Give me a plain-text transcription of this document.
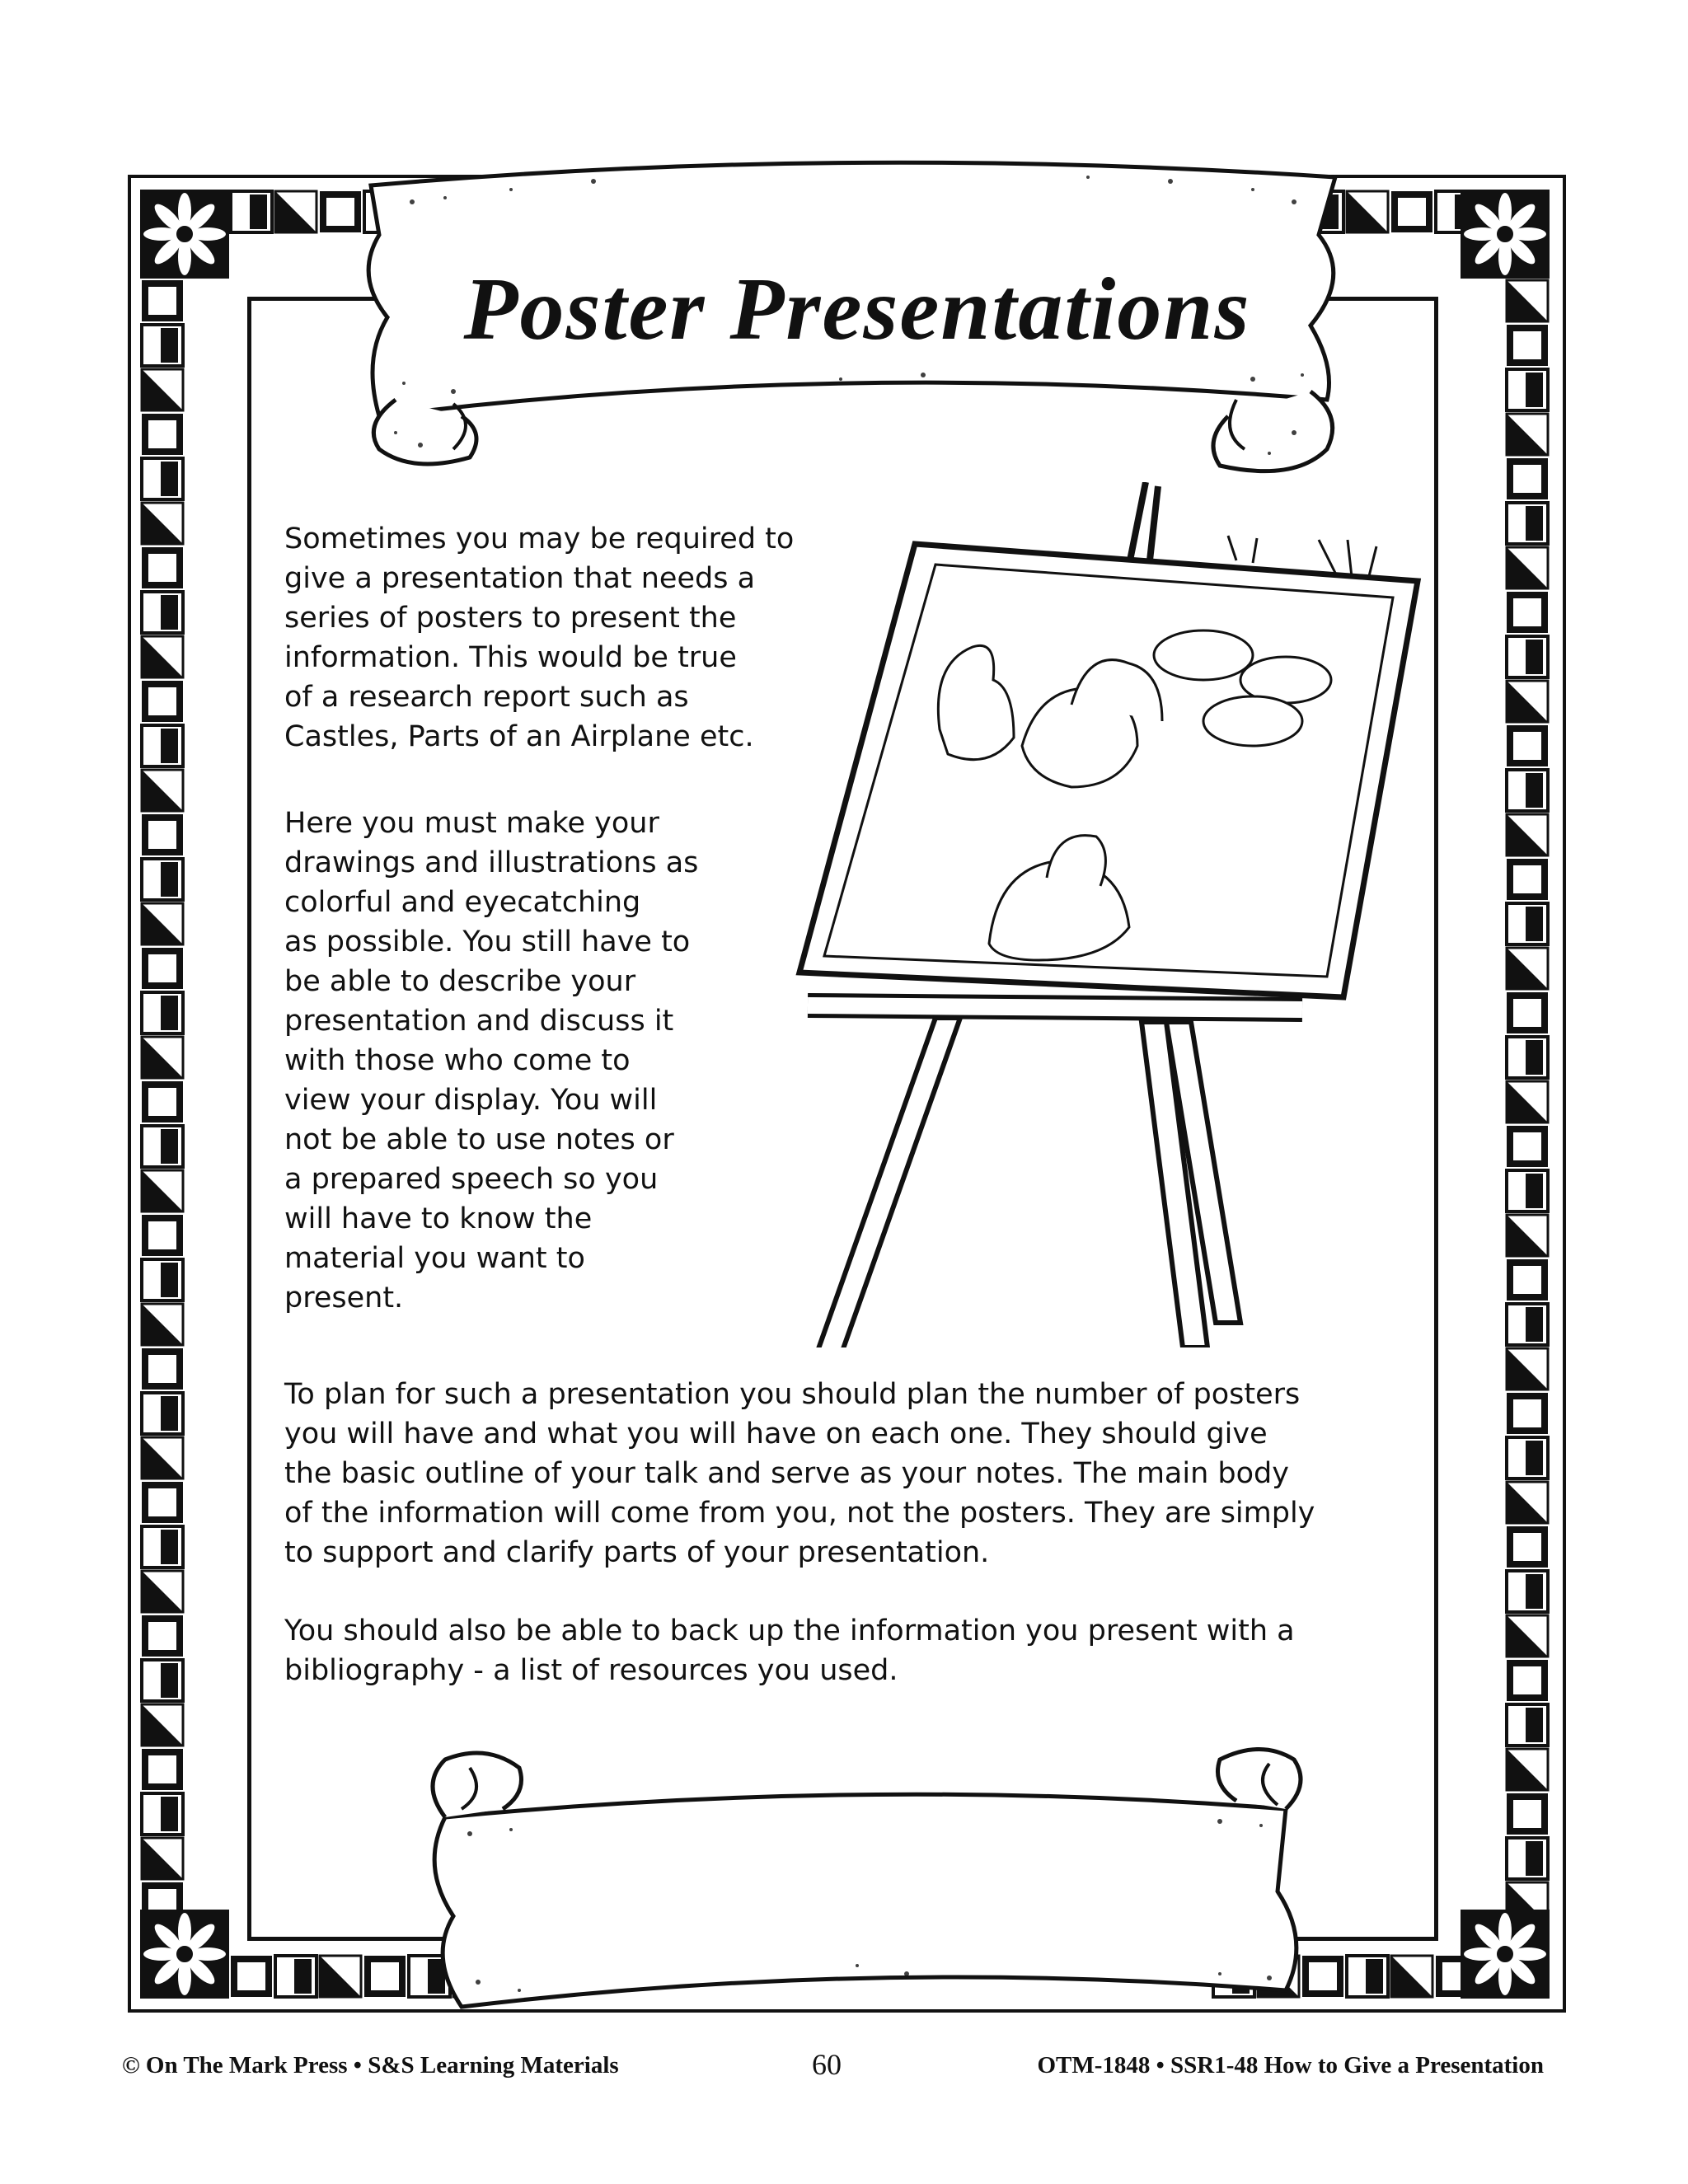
Poster Presentations

Sometimes you may be required to
give a presentation that needs a
series of posters to present the
information. This would be true
of a research report such as
Castles, Parts of an Airplane etc.

Here you must make your
drawings and illustrations as
colorful and eyecatching
as possible. You still have to
be able to describe your
presentation and discuss it
with those who come to
view your display. You will
not be able to use notes or
a prepared speech so you
will have to know the
material you want to
present.

To plan for such a presentation you should plan the number of posters
you will have and what you will have on each one. They should give
the basic outline of your talk and serve as your notes. The main body
of the information will come from you, not the posters. They are simply
to support and clarify parts of your presentation.

You should also be able to back up the information you present with a
bibliography - a list of resources you used.

© On The Mark Press • S&S Learning Materials	60	OTM-1848 • SSR1-48 How to Give a Presentation
